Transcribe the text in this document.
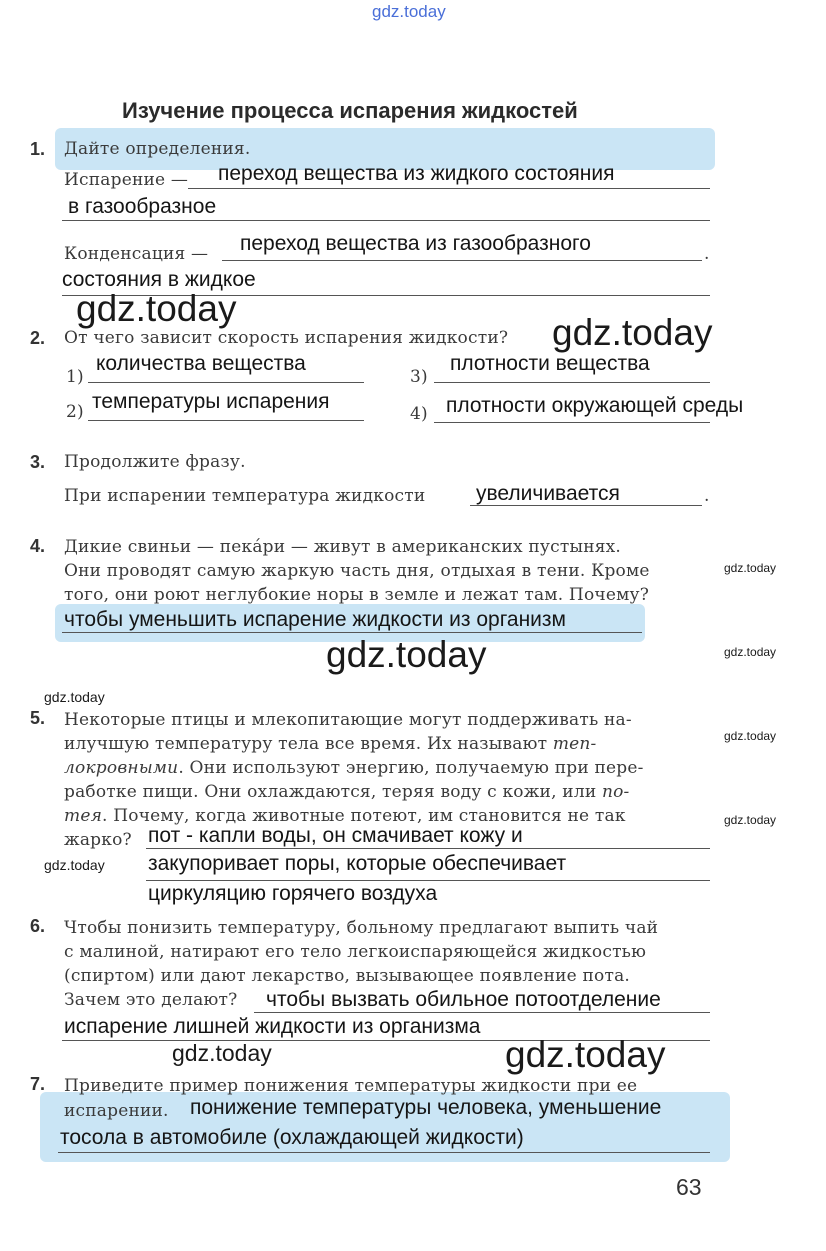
gdz.today
Изучение процесса испарения жидкостей
1. Дайте определения.
Испарение — переход вещества из жидкого состояния
в газообразное
Конденсация — переход вещества из газообразного	.
состояния в жидкое
gdz.today
gdz.today
2. От чего зависит скорость испарения жидкости?
1)
количества вещества
2) температуры испарения
3)
плотности вещества
4) плотности окружающей среды
3. Продолжите фразу.
При испарении температура жидкости увеличивается	.
4. Дикие свиньи — пекáри — живут в американских пустынях.
Они проводят самую жаркую часть дня, отдыхая в тени. Кроме
того, они роют неглубокие норы в земле и лежат там. Почему?
чтобы уменьшить испарение жидкости из организм
gdz.today
gdz.today	gdz.today
gdz.today
5. Некоторые птицы и млекопитающие могут поддерживать на-
илучшую температуру тела все время. Их называют теп-
локровными. Они используют энергию, получаемую при пере-
работке пищи. Они охлаждаются, теряя воду с кожи, или по-
тея. Почему, когда животные потеют, им становится не так
жарко? пот - капли воды, он смачивает кожу и
закупоривает поры, которые обеспечивает
циркуляцию горячего воздуха
gdz.today
gdz.today
gdz.today
6. Чтобы понизить температуру, больному предлагают выпить чай
с малиной, натирают его тело легкоиспаряющейся жидкостью
(спиртом) или дают лекарство, вызывающее появление пота.
Зачем это делают? чтобы вызвать обильное потоотделение
испарение лишней жидкости из организма
gdz.today	gdz.today
7. Приведите пример понижения температуры жидкости при ее
испарении. понижение температуры человека, уменьшение
тосола в автомобиле (охлаждающей жидкости)
63
